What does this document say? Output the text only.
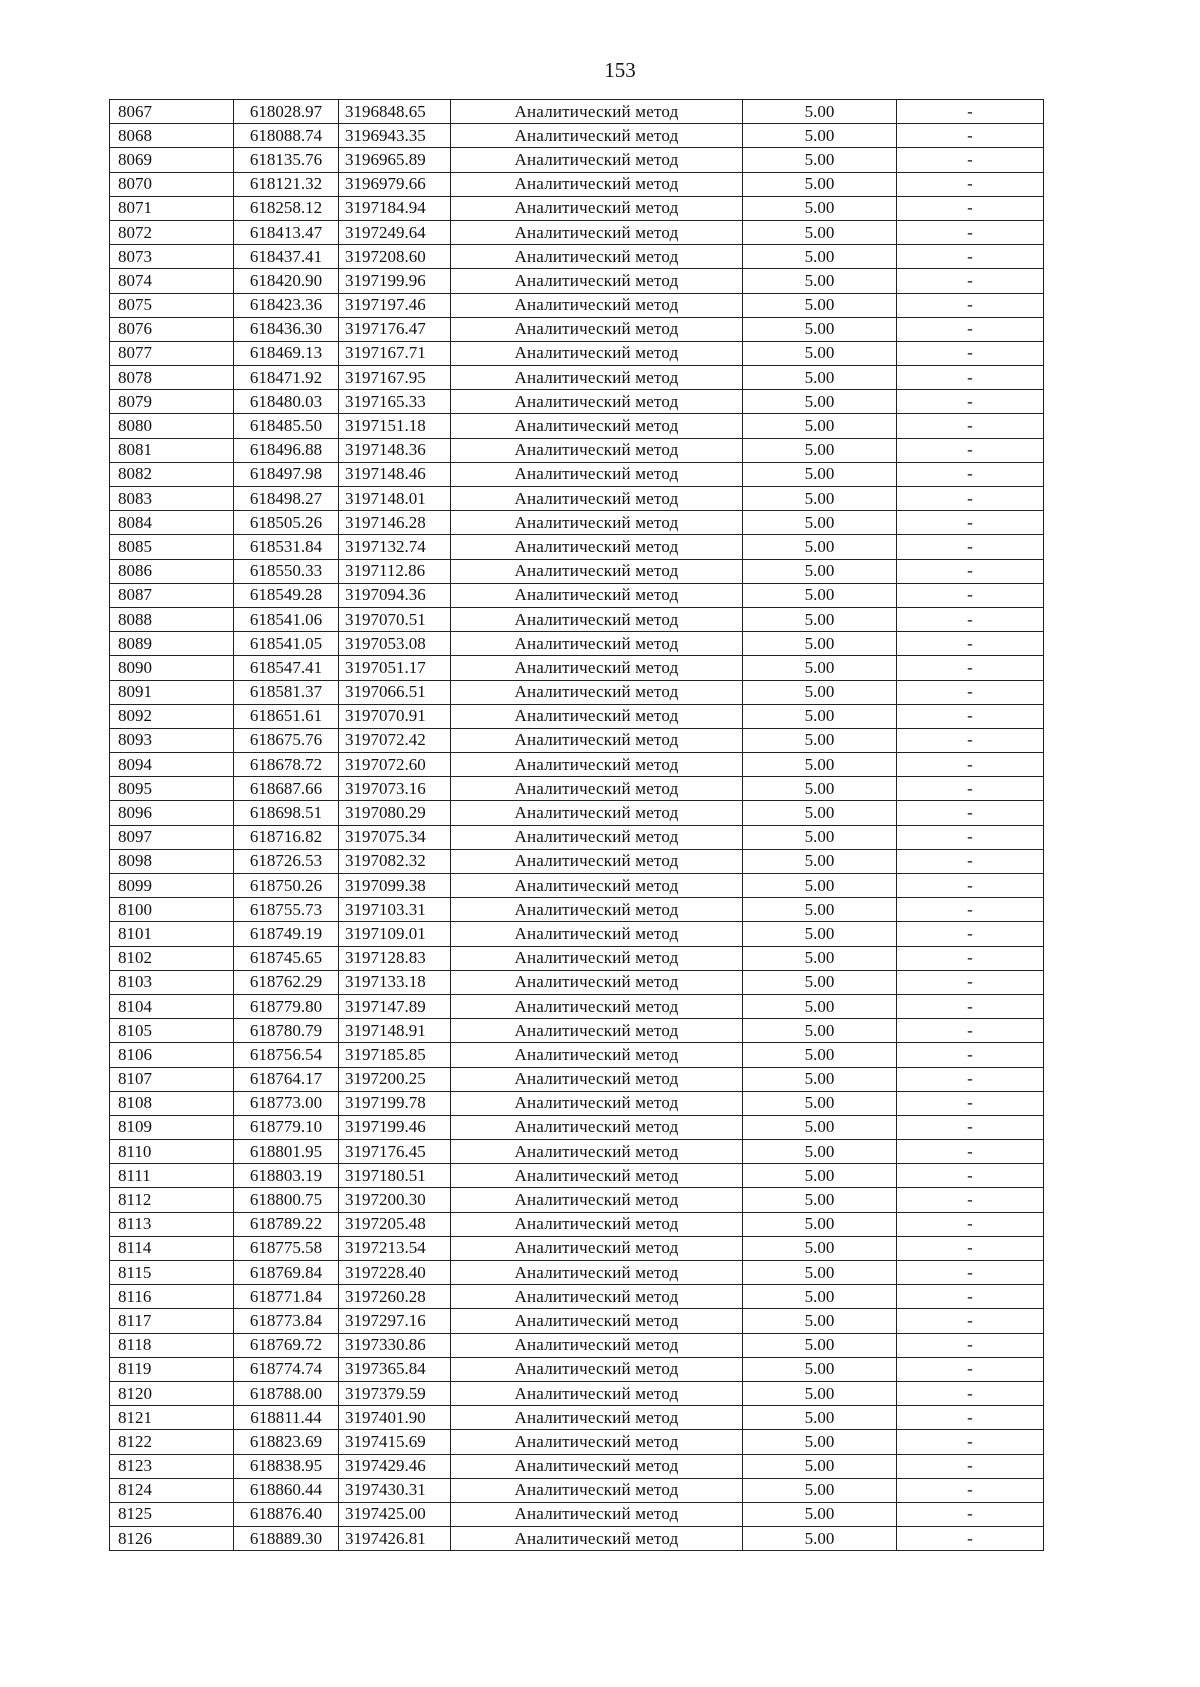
153
8067	618028.97	3196848.65	Аналитический метод	5.00	-
8068	618088.74	3196943.35	Аналитический метод	5.00	-
8069	618135.76	3196965.89	Аналитический метод	5.00	-
8070	618121.32	3196979.66	Аналитический метод	5.00	-
8071	618258.12	3197184.94	Аналитический метод	5.00	-
8072	618413.47	3197249.64	Аналитический метод	5.00	-
8073	618437.41	3197208.60	Аналитический метод	5.00	-
8074	618420.90	3197199.96	Аналитический метод	5.00	-
8075	618423.36	3197197.46	Аналитический метод	5.00	-
8076	618436.30	3197176.47	Аналитический метод	5.00	-
8077	618469.13	3197167.71	Аналитический метод	5.00	-
8078	618471.92	3197167.95	Аналитический метод	5.00	-
8079	618480.03	3197165.33	Аналитический метод	5.00	-
8080	618485.50	3197151.18	Аналитический метод	5.00	-
8081	618496.88	3197148.36	Аналитический метод	5.00	-
8082	618497.98	3197148.46	Аналитический метод	5.00	-
8083	618498.27	3197148.01	Аналитический метод	5.00	-
8084	618505.26	3197146.28	Аналитический метод	5.00	-
8085	618531.84	3197132.74	Аналитический метод	5.00	-
8086	618550.33	3197112.86	Аналитический метод	5.00	-
8087	618549.28	3197094.36	Аналитический метод	5.00	-
8088	618541.06	3197070.51	Аналитический метод	5.00	-
8089	618541.05	3197053.08	Аналитический метод	5.00	-
8090	618547.41	3197051.17	Аналитический метод	5.00	-
8091	618581.37	3197066.51	Аналитический метод	5.00	-
8092	618651.61	3197070.91	Аналитический метод	5.00	-
8093	618675.76	3197072.42	Аналитический метод	5.00	-
8094	618678.72	3197072.60	Аналитический метод	5.00	-
8095	618687.66	3197073.16	Аналитический метод	5.00	-
8096	618698.51	3197080.29	Аналитический метод	5.00	-
8097	618716.82	3197075.34	Аналитический метод	5.00	-
8098	618726.53	3197082.32	Аналитический метод	5.00	-
8099	618750.26	3197099.38	Аналитический метод	5.00	-
8100	618755.73	3197103.31	Аналитический метод	5.00	-
8101	618749.19	3197109.01	Аналитический метод	5.00	-
8102	618745.65	3197128.83	Аналитический метод	5.00	-
8103	618762.29	3197133.18	Аналитический метод	5.00	-
8104	618779.80	3197147.89	Аналитический метод	5.00	-
8105	618780.79	3197148.91	Аналитический метод	5.00	-
8106	618756.54	3197185.85	Аналитический метод	5.00	-
8107	618764.17	3197200.25	Аналитический метод	5.00	-
8108	618773.00	3197199.78	Аналитический метод	5.00	-
8109	618779.10	3197199.46	Аналитический метод	5.00	-
8110	618801.95	3197176.45	Аналитический метод	5.00	-
8111	618803.19	3197180.51	Аналитический метод	5.00	-
8112	618800.75	3197200.30	Аналитический метод	5.00	-
8113	618789.22	3197205.48	Аналитический метод	5.00	-
8114	618775.58	3197213.54	Аналитический метод	5.00	-
8115	618769.84	3197228.40	Аналитический метод	5.00	-
8116	618771.84	3197260.28	Аналитический метод	5.00	-
8117	618773.84	3197297.16	Аналитический метод	5.00	-
8118	618769.72	3197330.86	Аналитический метод	5.00	-
8119	618774.74	3197365.84	Аналитический метод	5.00	-
8120	618788.00	3197379.59	Аналитический метод	5.00	-
8121	618811.44	3197401.90	Аналитический метод	5.00	-
8122	618823.69	3197415.69	Аналитический метод	5.00	-
8123	618838.95	3197429.46	Аналитический метод	5.00	-
8124	618860.44	3197430.31	Аналитический метод	5.00	-
8125	618876.40	3197425.00	Аналитический метод	5.00	-
8126	618889.30	3197426.81	Аналитический метод	5.00	-
